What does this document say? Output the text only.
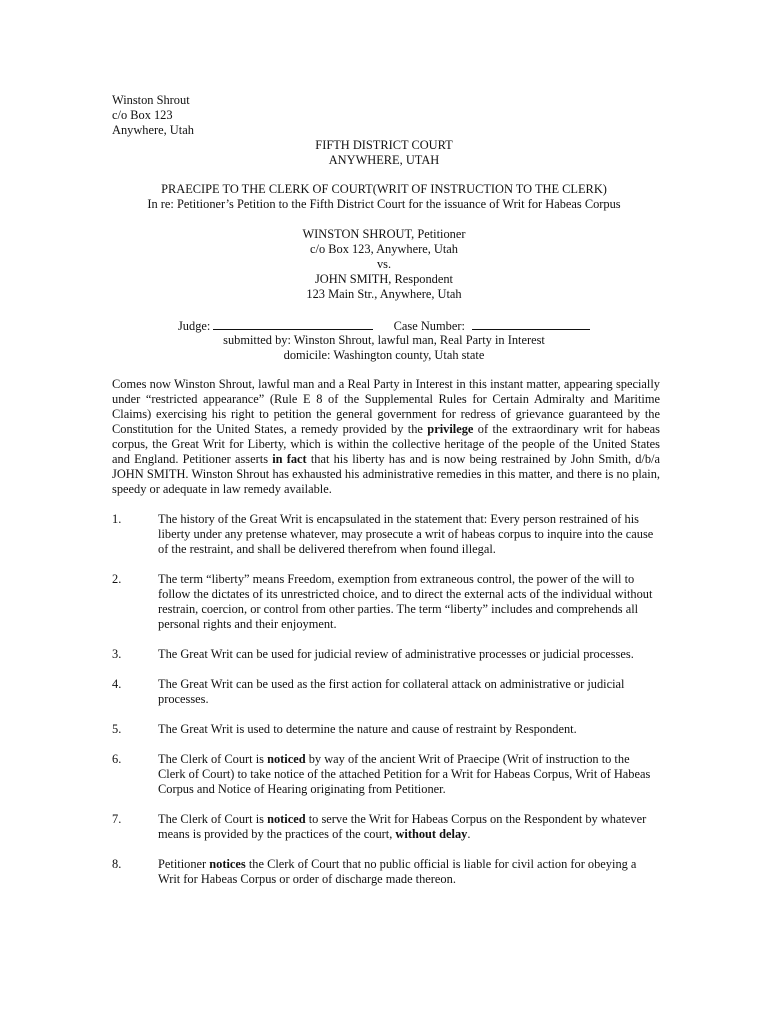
Winston Shrout
c/o Box 123
Anywhere, Utah
FIFTH DISTRICT COURT
ANYWHERE, UTAH
PRAECIPE TO THE CLERK OF COURT(WRIT OF INSTRUCTION TO THE CLERK)
In re: Petitioner’s Petition to the Fifth District Court for the issuance of Writ for Habeas Corpus
WINSTON SHROUT, Petitioner
c/o Box 123, Anywhere, Utah
vs.
JOHN SMITH, Respondent
123 Main Str., Anywhere, Utah
Judge:	Case Number:
submitted by: Winston Shrout, lawful man, Real Party in Interest
domicile: Washington county, Utah state

Comes now Winston Shrout, lawful man and a Real Party in Interest in this instant matter, appearing specially under “restricted appearance” (Rule E 8 of the Supplemental Rules for Certain Admiralty and Maritime Claims) exercising his right to petition the general government for redress of grievance guaranteed by the Constitution for the United States, a remedy provided by the privilege of the extraordinary writ for habeas corpus, the Great Writ for Liberty, which is within the collective heritage of the people of the United States and England. Petitioner asserts in fact that his liberty has and is now being restrained by John Smith, d/b/a JOHN SMITH. Winston Shrout has exhausted his administrative remedies in this matter, and there is no plain, speedy or adequate in law remedy available.

1.	The history of the Great Writ is encapsulated in the statement that: Every person restrained of his liberty under any pretense whatever, may prosecute a writ of habeas corpus to inquire into the cause of the restraint, and shall be delivered therefrom when found illegal.
2.	The term “liberty” means Freedom, exemption from extraneous control, the power of the will to follow the dictates of its unrestricted choice, and to direct the external acts of the individual without restrain, coercion, or control from other parties. The term “liberty” includes and comprehends all personal rights and their enjoyment.
3.	The Great Writ can be used for judicial review of administrative processes or judicial processes.
4.	The Great Writ can be used as the first action for collateral attack on administrative or judicial processes.
5.	The Great Writ is used to determine the nature and cause of restraint by Respondent.
6.	The Clerk of Court is noticed by way of the ancient Writ of Praecipe (Writ of instruction to the Clerk of Court) to take notice of the attached Petition for a Writ for Habeas Corpus, Writ of Habeas Corpus and Notice of Hearing originating from Petitioner.
7.	The Clerk of Court is noticed to serve the Writ for Habeas Corpus on the Respondent by whatever means is provided by the practices of the court, without delay.
8.	Petitioner notices the Clerk of Court that no public official is liable for civil action for obeying a Writ for Habeas Corpus or order of discharge made thereon.
